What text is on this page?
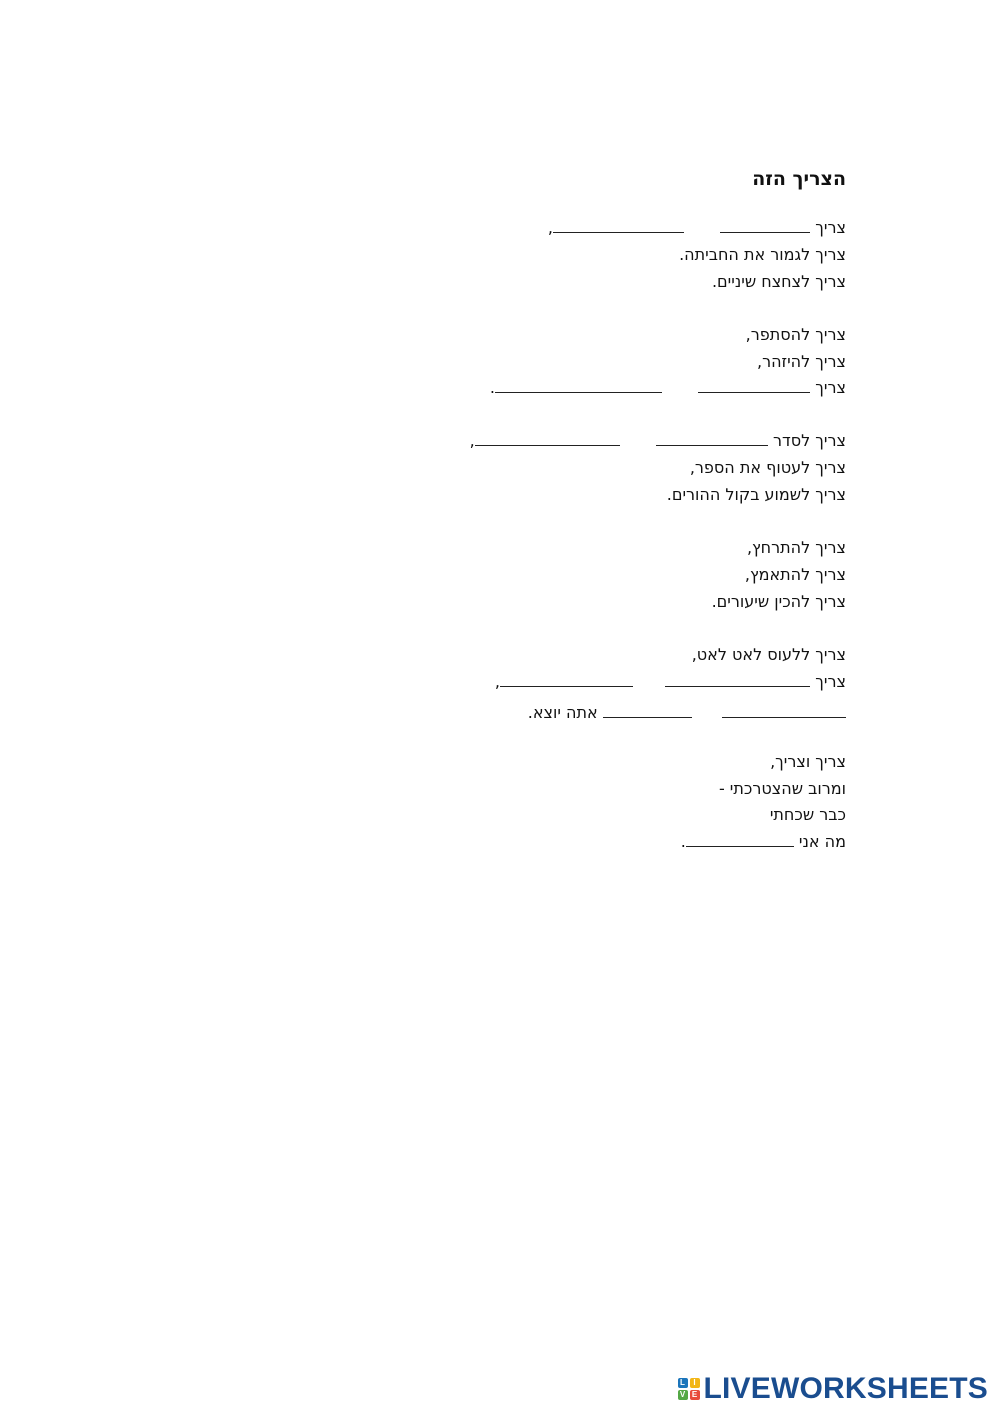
הצריך הזה
צריך   ,
צריך לגמור את החביתה.
צריך לצחצח שיניים.
צריך להסתפר,
צריך להיזהר,
צריך   .
צריך לסדר   ,
צריך לעטוף את הספר,
צריך לשמוע בקול ההורים.
צריך להתרחץ,
צריך להתאמץ,
צריך להכין שיעורים.
צריך ללעוס לאט לאט,
צריך   ,
אתה יוצא.
צריך וצריך,
ומרוב שהצטרכתי -
כבר שכחתי
מה אני .
L	I
V E LIVEWORKSHEETS
